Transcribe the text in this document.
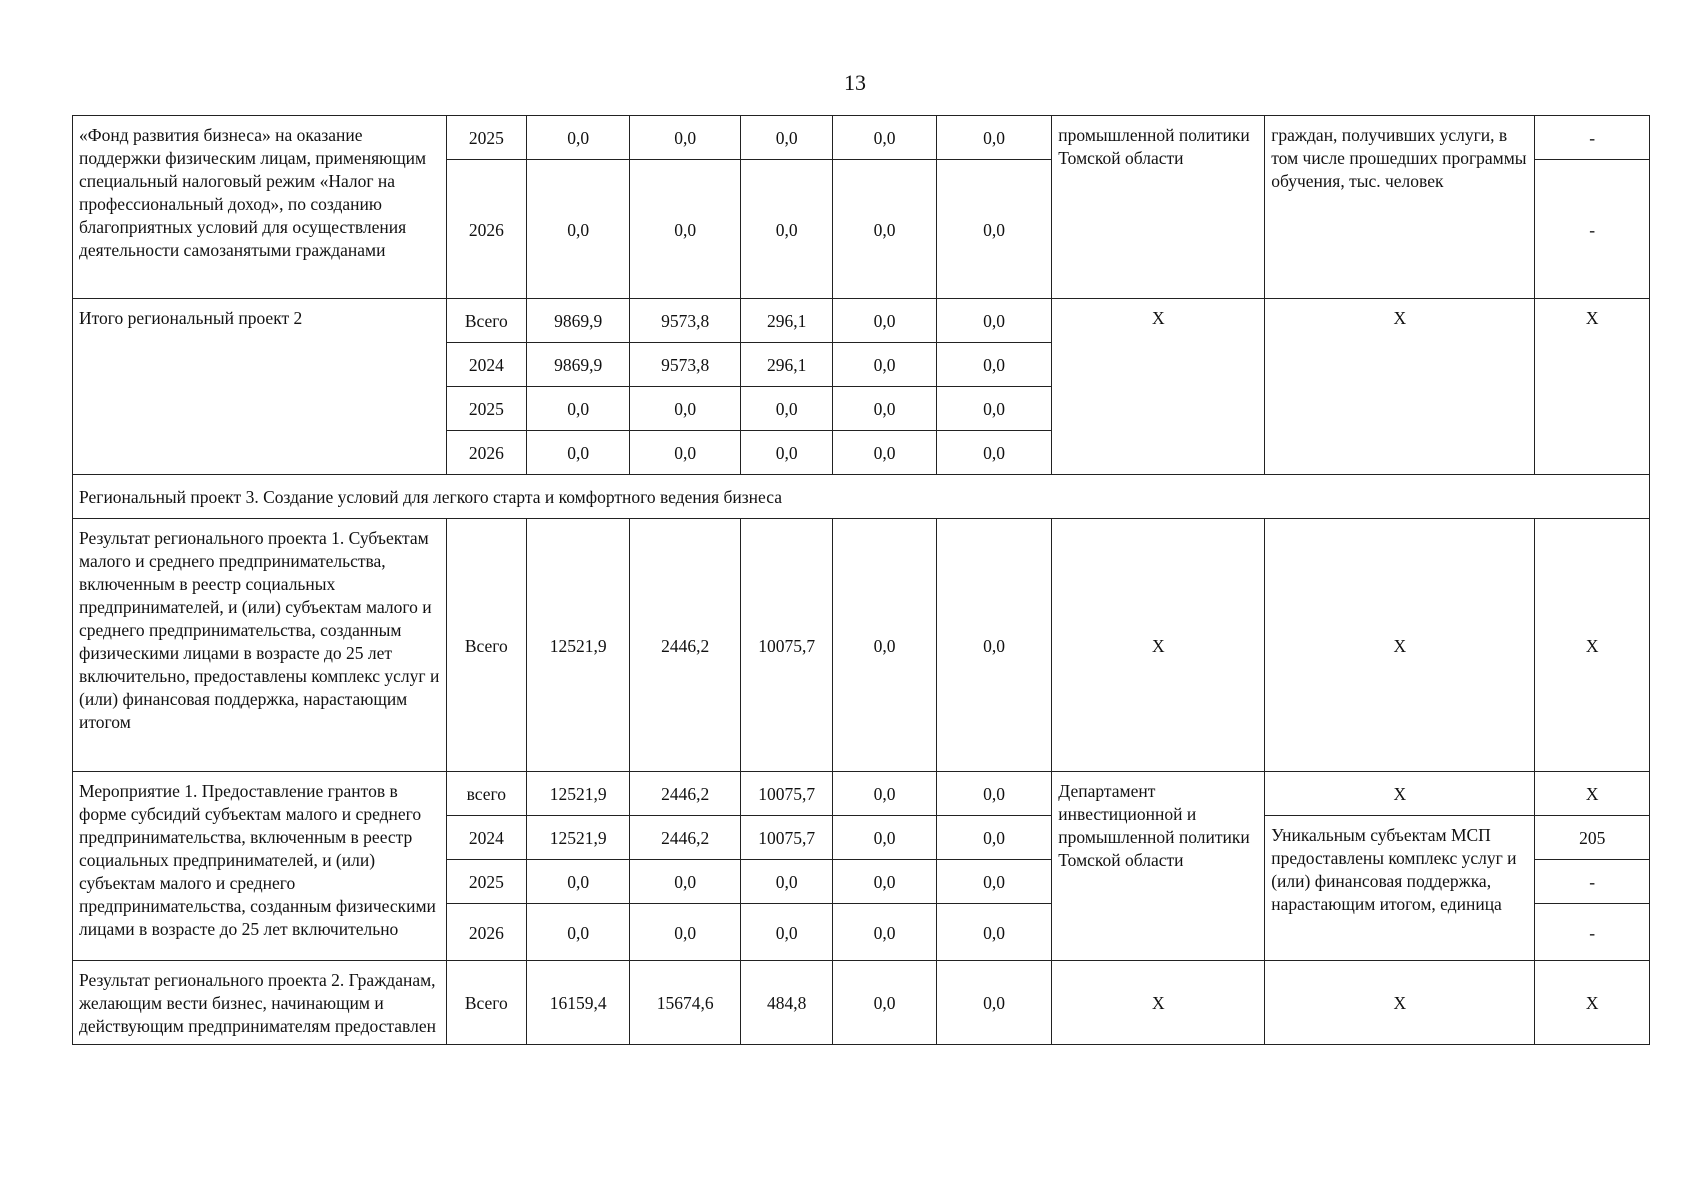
13
«Фонд развития бизнеса» на оказание поддержки физическим лицам, применяющим специальный налоговый режим «Налог на профессиональный доход», по созданию благоприятных условий для осуществления деятельности самозанятыми гражданами	2025	0,0	0,0	0,0	0,0	0,0	промышленной политики Томской области	граждан, получивших услуги, в том числе прошедших программы обучения, тыс. человек	-
	2026	0,0	0,0	0,0	0,0	0,0			-
Итого региональный проект 2	Всего	9869,9	9573,8	296,1	0,0	0,0	Х	Х	Х
	2024	9869,9	9573,8	296,1	0,0	0,0			
	2025	0,0	0,0	0,0	0,0	0,0			
	2026	0,0	0,0	0,0	0,0	0,0			
Региональный проект 3. Создание условий для легкого старта и комфортного ведения бизнеса									
Результат регионального проекта 1. Субъектам малого и среднего предпринимательства, включенным в реестр социальных предпринимателей, и (или) субъектам малого и среднего предпринимательства, созданным физическими лицами в возрасте до 25 лет включительно, предоставлены комплекс услуг и (или) финансовая поддержка, нарастающим итогом	Всего	12521,9	2446,2	10075,7	0,0	0,0	Х	Х	Х
Мероприятие 1. Предоставление грантов в форме субсидий субъектам малого и среднего предпринимательства, включенным в реестр социальных предпринимателей, и (или) субъектам малого и среднего предпринимательства, созданным физическими лицами в возрасте до 25 лет включительно	всего	12521,9	2446,2	10075,7	0,0	0,0	Департамент инвестиционной и промышленной политики Томской области	Х	Х
	2024	12521,9	2446,2	10075,7	0,0	0,0		Уникальным субъектам МСП предоставлены комплекс услуг и (или) финансовая поддержка, нарастающим итогом, единица	205
	2025	0,0	0,0	0,0	0,0	0,0			-
	2026	0,0	0,0	0,0	0,0	0,0			-
Результат регионального проекта 2. Гражданам, желающим вести бизнес, начинающим и действующим предпринимателям предоставлен	Всего	16159,4	15674,6	484,8	0,0	0,0	Х	Х	Х
